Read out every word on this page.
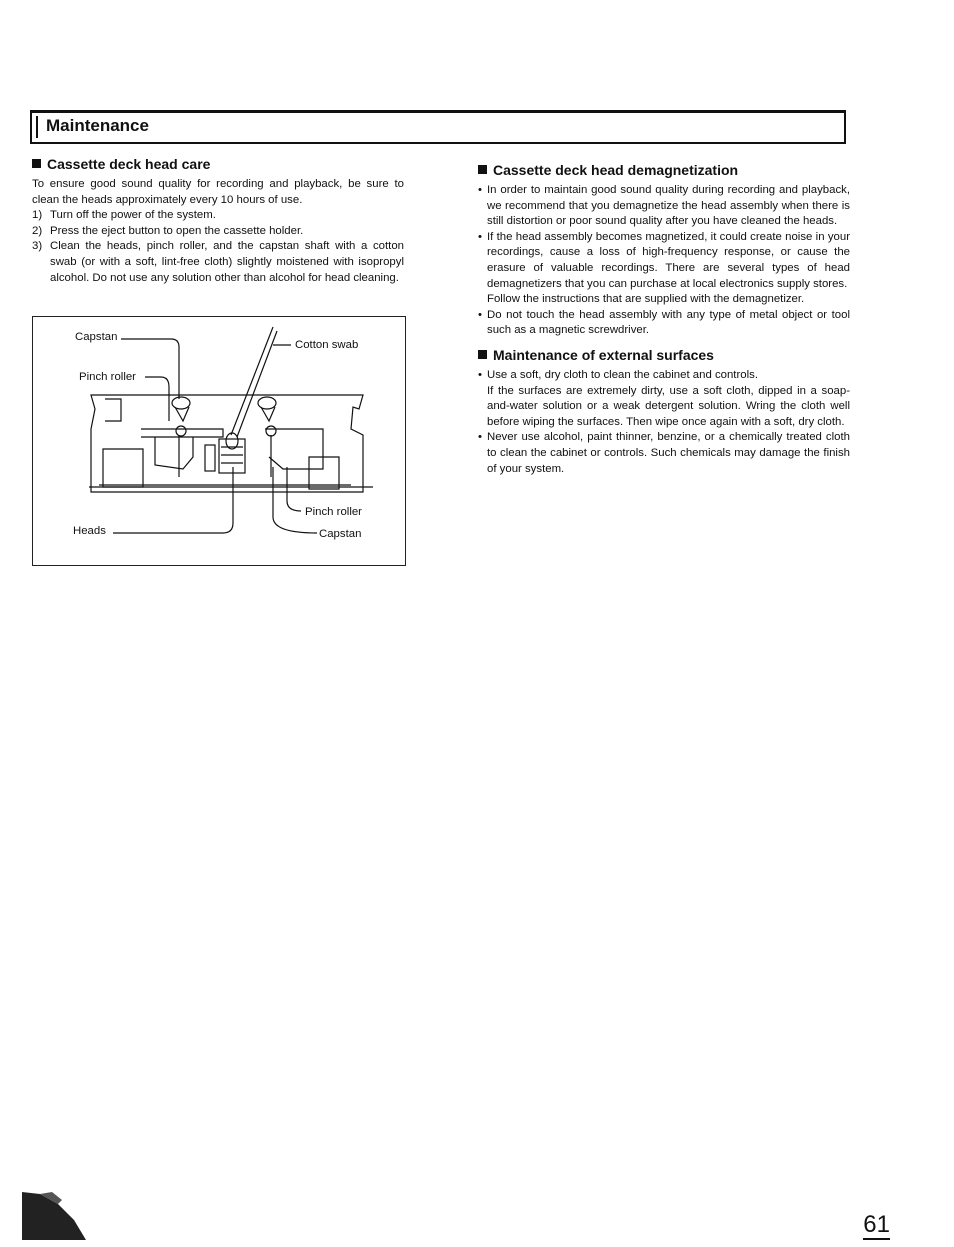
Maintenance
Cassette deck head care

To ensure good sound quality for recording and playback, be sure to clean the heads approximately every 10 hours of use.

1) Turn off the power of the system.
2) Press the eject button to open the cassette holder.
3) Clean the heads, pinch roller, and the capstan shaft with a cotton swab (or with a soft, lint-free cloth) slightly moistened with isopropyl alcohol. Do not use any solution other than alcohol for head cleaning.
Capstan
Pinch roller
Cotton swab
Heads
Pinch roller
Capstan
Cassette deck head demagnetization
• In order to maintain good sound quality during recording and playback, we recommend that you demagnetize the head assembly when there is still distortion or poor sound quality after you have cleaned the heads.
• If the head assembly becomes magnetized, it could create noise in your recordings, cause a loss of high-frequency response, or cause the erasure of valuable recordings. There are several types of head demagnetizers that you can purchase at local electronics supply stores.
Follow the instructions that are supplied with the demagnetizer.
• Do not touch the head assembly with any type of metal object or tool such as a magnetic screwdriver.
Maintenance of external surfaces
• Use a soft, dry cloth to clean the cabinet and controls.
If the surfaces are extremely dirty, use a soft cloth, dipped in a soap-and-water solution or a weak detergent solution. Wring the cloth well before wiping the surfaces. Then wipe once again with a soft, dry cloth.
• Never use alcohol, paint thinner, benzine, or a chemically treated cloth to clean the cabinet or controls. Such chemicals may damage the finish of your system.
61
